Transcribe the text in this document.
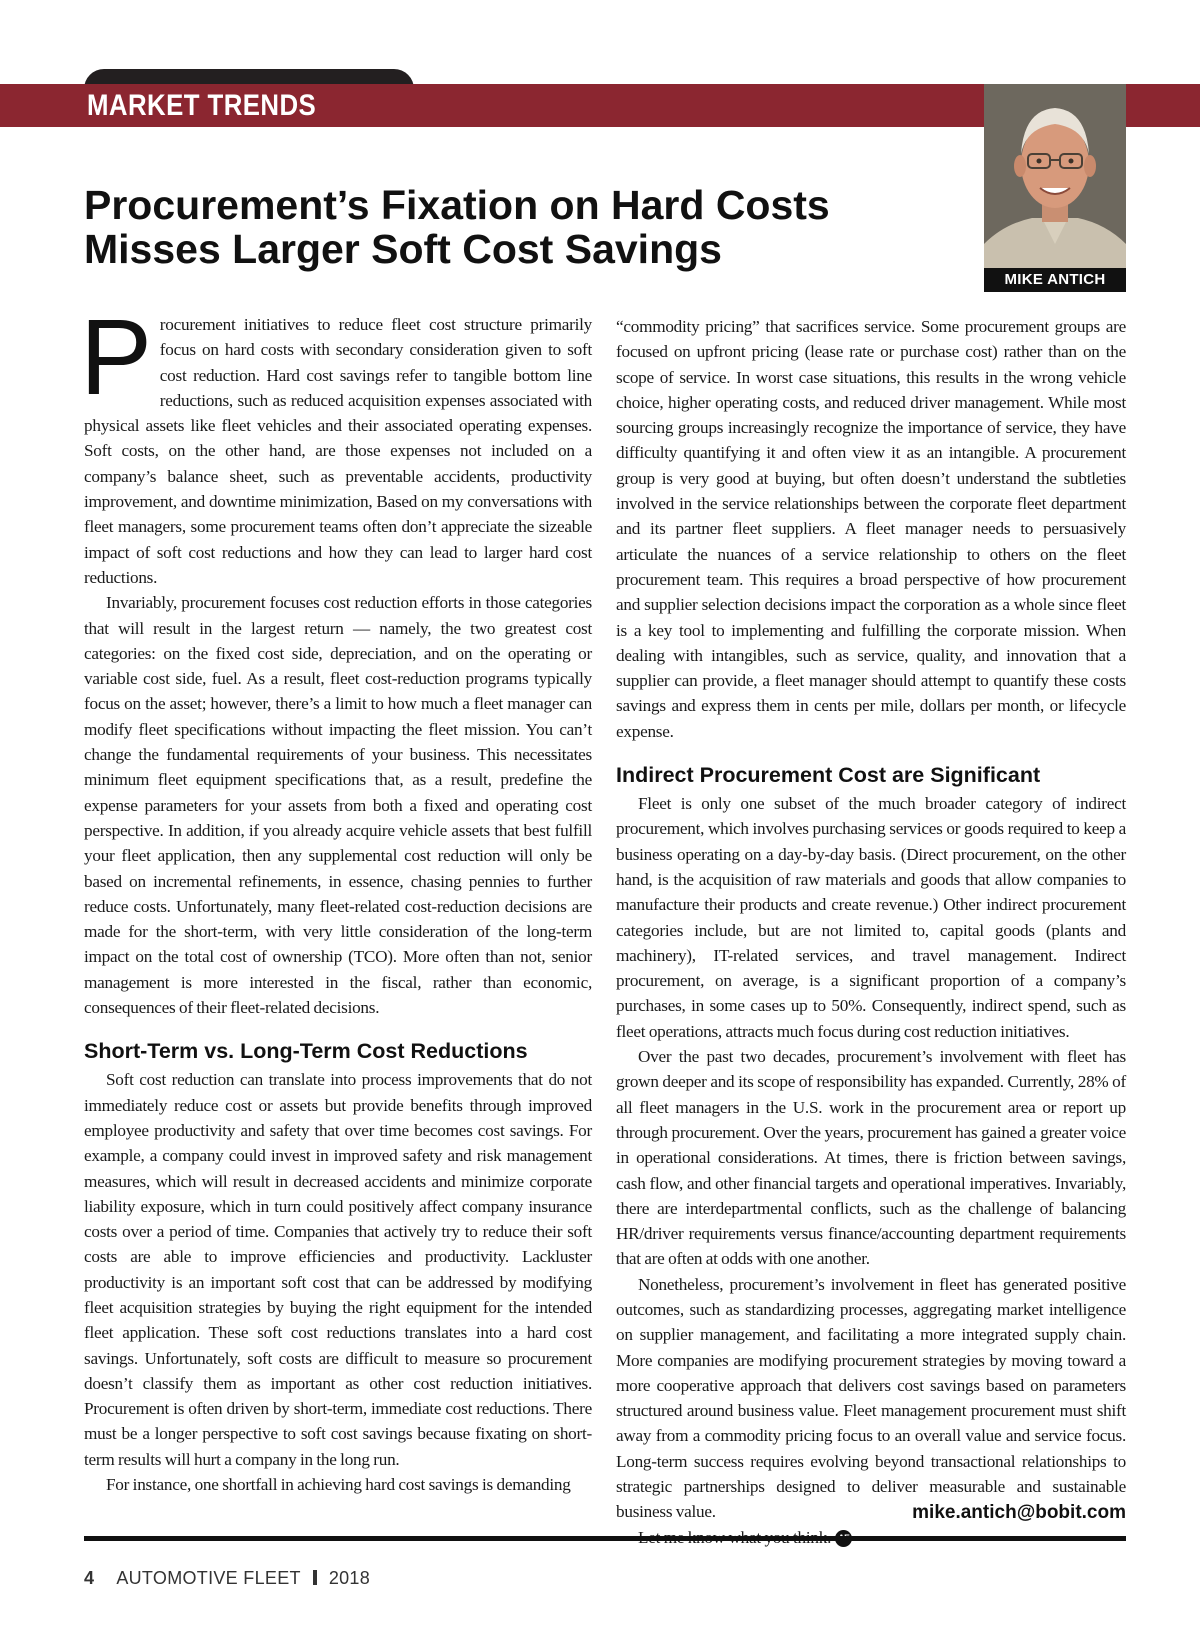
MARKET TRENDS
MIKE ANTICH
Procurement’s Fixation on Hard Costs
Misses Larger Soft Cost Savings

Procurement initiatives to reduce fleet cost structure primarily focus on hard costs with secondary consideration given to soft cost reduction. Hard cost savings refer to tangible bottom line reductions, such as reduced acquisition expenses associated with physical assets like fleet vehicles and their associated operating expenses. Soft costs, on the other hand, are those expenses not included on a company’s balance sheet, such as preventable accidents, productivity improvement, and downtime minimization, Based on my conversations with fleet managers, some procurement teams often don’t appreciate the sizeable impact of soft cost reductions and how they can lead to larger hard cost reductions.

Invariably, procurement focuses cost reduction efforts in those categories that will result in the largest return — namely, the two greatest cost categories: on the fixed cost side, depreciation, and on the operating or variable cost side, fuel. As a result, fleet cost-reduction programs typically focus on the asset; however, there’s a limit to how much a fleet manager can modify fleet specifications without impacting the fleet mission. You can’t change the fundamental requirements of your business. This necessitates minimum fleet equipment specifications that, as a result, predefine the expense parameters for your assets from both a fixed and operating cost perspective. In addition, if you already acquire vehicle assets that best fulfill your fleet application, then any supplemental cost reduction will only be based on incremental refinements, in essence, chasing pennies to further reduce costs. Unfortunately, many fleet-related cost-reduction decisions are made for the short-term, with very little consideration of the long-term impact on the total cost of ownership (TCO). More often than not, senior management is more interested in the fiscal, rather than economic, consequences of their fleet-related decisions.

Short-Term vs. Long-Term Cost Reductions

Soft cost reduction can translate into process improvements that do not immediately reduce cost or assets but provide benefits through improved employee productivity and safety that over time becomes cost savings. For example, a company could invest in improved safety and risk management measures, which will result in decreased accidents and minimize corporate liability exposure, which in turn could positively affect company insurance costs over a period of time. Companies that actively try to reduce their soft costs are able to improve efficiencies and productivity. Lackluster productivity is an important soft cost that can be addressed by modifying fleet acquisition strategies by buying the right equipment for the intended fleet application. These soft cost reductions translates into a hard cost savings. Unfortunately, soft costs are difficult to measure so procurement doesn’t classify them as important as other cost reduction initiatives. Procurement is often driven by short-term, immediate cost reductions. There must be a longer perspective to soft cost savings because fixating on short-term results will hurt a company in the long run.

For instance, one shortfall in achieving hard cost savings is demanding

“commodity pricing” that sacrifices service. Some procurement groups are focused on upfront pricing (lease rate or purchase cost) rather than on the scope of service. In worst case situations, this results in the wrong vehicle choice, higher operating costs, and reduced driver management. While most sourcing groups increasingly recognize the importance of service, they have difficulty quantifying it and often view it as an intangible. A procurement group is very good at buying, but often doesn’t understand the subtleties involved in the service relationships between the corporate fleet department and its partner fleet suppliers. A fleet manager needs to persuasively articulate the nuances of a service relationship to others on the fleet procurement team. This requires a broad perspective of how procurement and supplier selection decisions impact the corporation as a whole since fleet is a key tool to implementing and fulfilling the corporate mission. When dealing with intangibles, such as service, quality, and innovation that a supplier can provide, a fleet manager should attempt to quantify these costs savings and express them in cents per mile, dollars per month, or lifecycle expense.

Indirect Procurement Cost are Significant

Fleet is only one subset of the much broader category of indirect procurement, which involves purchasing services or goods required to keep a business operating on a day-by-day basis. (Direct procurement, on the other hand, is the acquisition of raw materials and goods that allow companies to manufacture their products and create revenue.) Other indirect procurement categories include, but are not limited to, capital goods (plants and machinery), IT-related services, and travel management. Indirect procurement, on average, is a significant proportion of a company’s purchases, in some cases up to 50%. Consequently, indirect spend, such as fleet operations, attracts much focus during cost reduction initiatives.

Over the past two decades, procurement’s involvement with fleet has grown deeper and its scope of responsibility has expanded. Currently, 28% of all fleet managers in the U.S. work in the procurement area or report up through procurement. Over the years, procurement has gained a greater voice in operational considerations. At times, there is friction between savings, cash flow, and other financial targets and operational imperatives. Invariably, there are interdepartmental conflicts, such as the challenge of balancing HR/driver requirements versus finance/accounting department requirements that are often at odds with one another.

Nonetheless, procurement’s involvement in fleet has generated positive outcomes, such as standardizing processes, aggregating market intelligence on supplier management, and facilitating a more integrated supply chain. More companies are modifying procurement strategies by moving toward a more cooperative approach that delivers cost savings based on parameters structured around business value. Fleet management procurement must shift away from a commodity pricing focus to an overall value and service focus. Long-term success requires evolving beyond transactional relationships to strategic partnerships designed to deliver measurable and sustainable business value.	mike.antich@bobit.com
4 AUTOMOTIVE FLEET 2018
